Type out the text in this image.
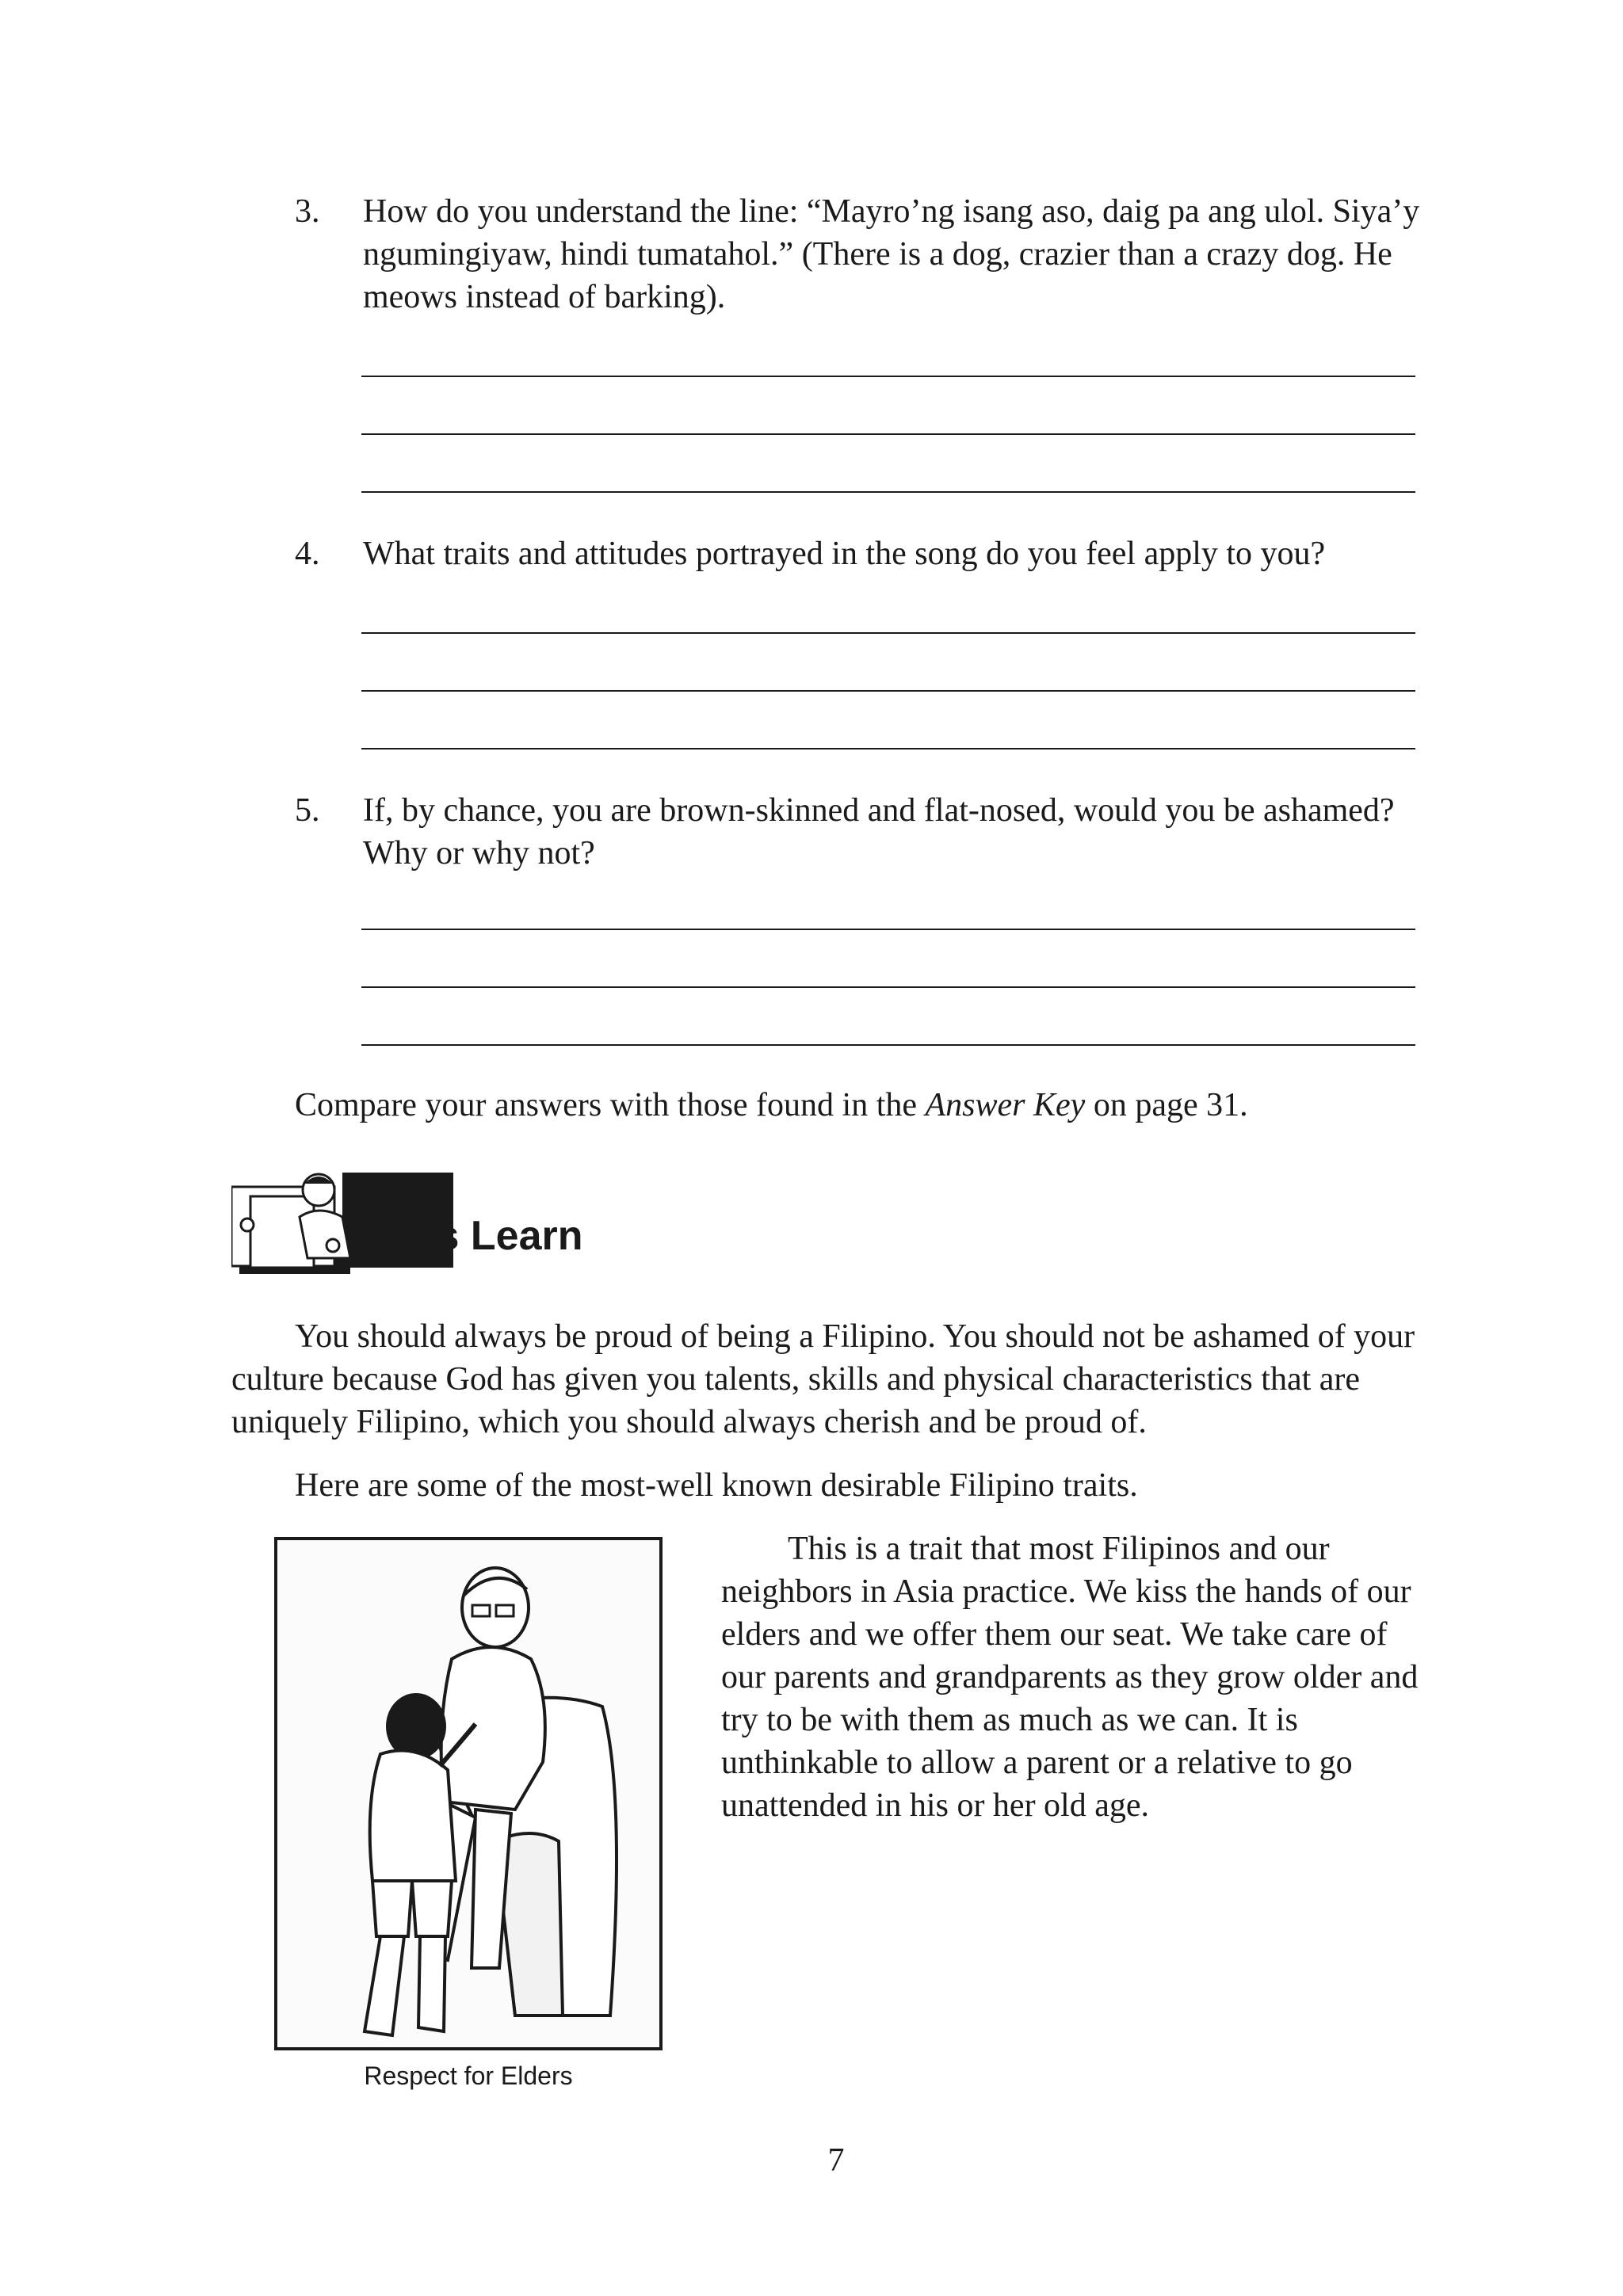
3. How do you understand the line: “Mayro’ng isang aso, daig pa ang ulol. Siya’y ngumingiyaw, hindi tumatahol.” (There is a dog, crazier than a crazy dog. He meows instead of barking).
4. What traits and attitudes portrayed in the song do you feel apply to you?
5. If, by chance, you are brown-skinned and flat-nosed, would you be ashamed? Why or why not?
Compare your answers with those found in the Answer Key on page 31.
Let’s Learn
You should always be proud of being a Filipino. You should not be ashamed of your culture because God has given you talents, skills and physical characteristics that are uniquely Filipino, which you should always cherish and be proud of.
Here are some of the most-well known desirable Filipino traits.
Respect for Elders
This is a trait that most Filipinos and our neighbors in Asia practice. We kiss the hands of our elders and we offer them our seat. We take care of our parents and grandparents as they grow older and try to be with them as much as we can. It is unthinkable to allow a parent or a relative to go unattended in his or her old age.
7
